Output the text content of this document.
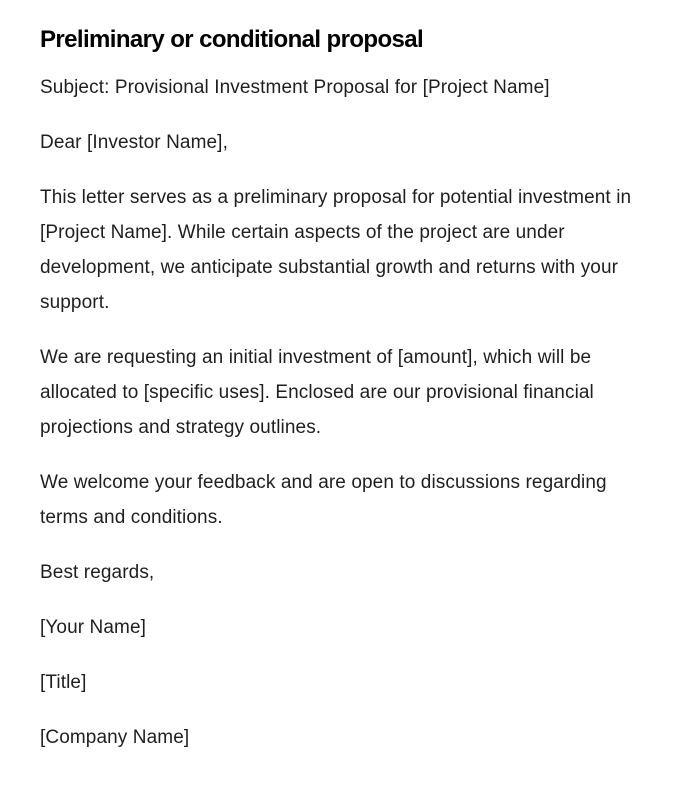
Preliminary or conditional proposal

Subject: Provisional Investment Proposal for [Project Name]

Dear [Investor Name],

This letter serves as a preliminary proposal for potential investment in [Project Name]. While certain aspects of the project are under development, we anticipate substantial growth and returns with your support.

We are requesting an initial investment of [amount], which will be allocated to [specific uses]. Enclosed are our provisional financial projections and strategy outlines.

We welcome your feedback and are open to discussions regarding terms and conditions.

Best regards,

[Your Name]

[Title]

[Company Name]
